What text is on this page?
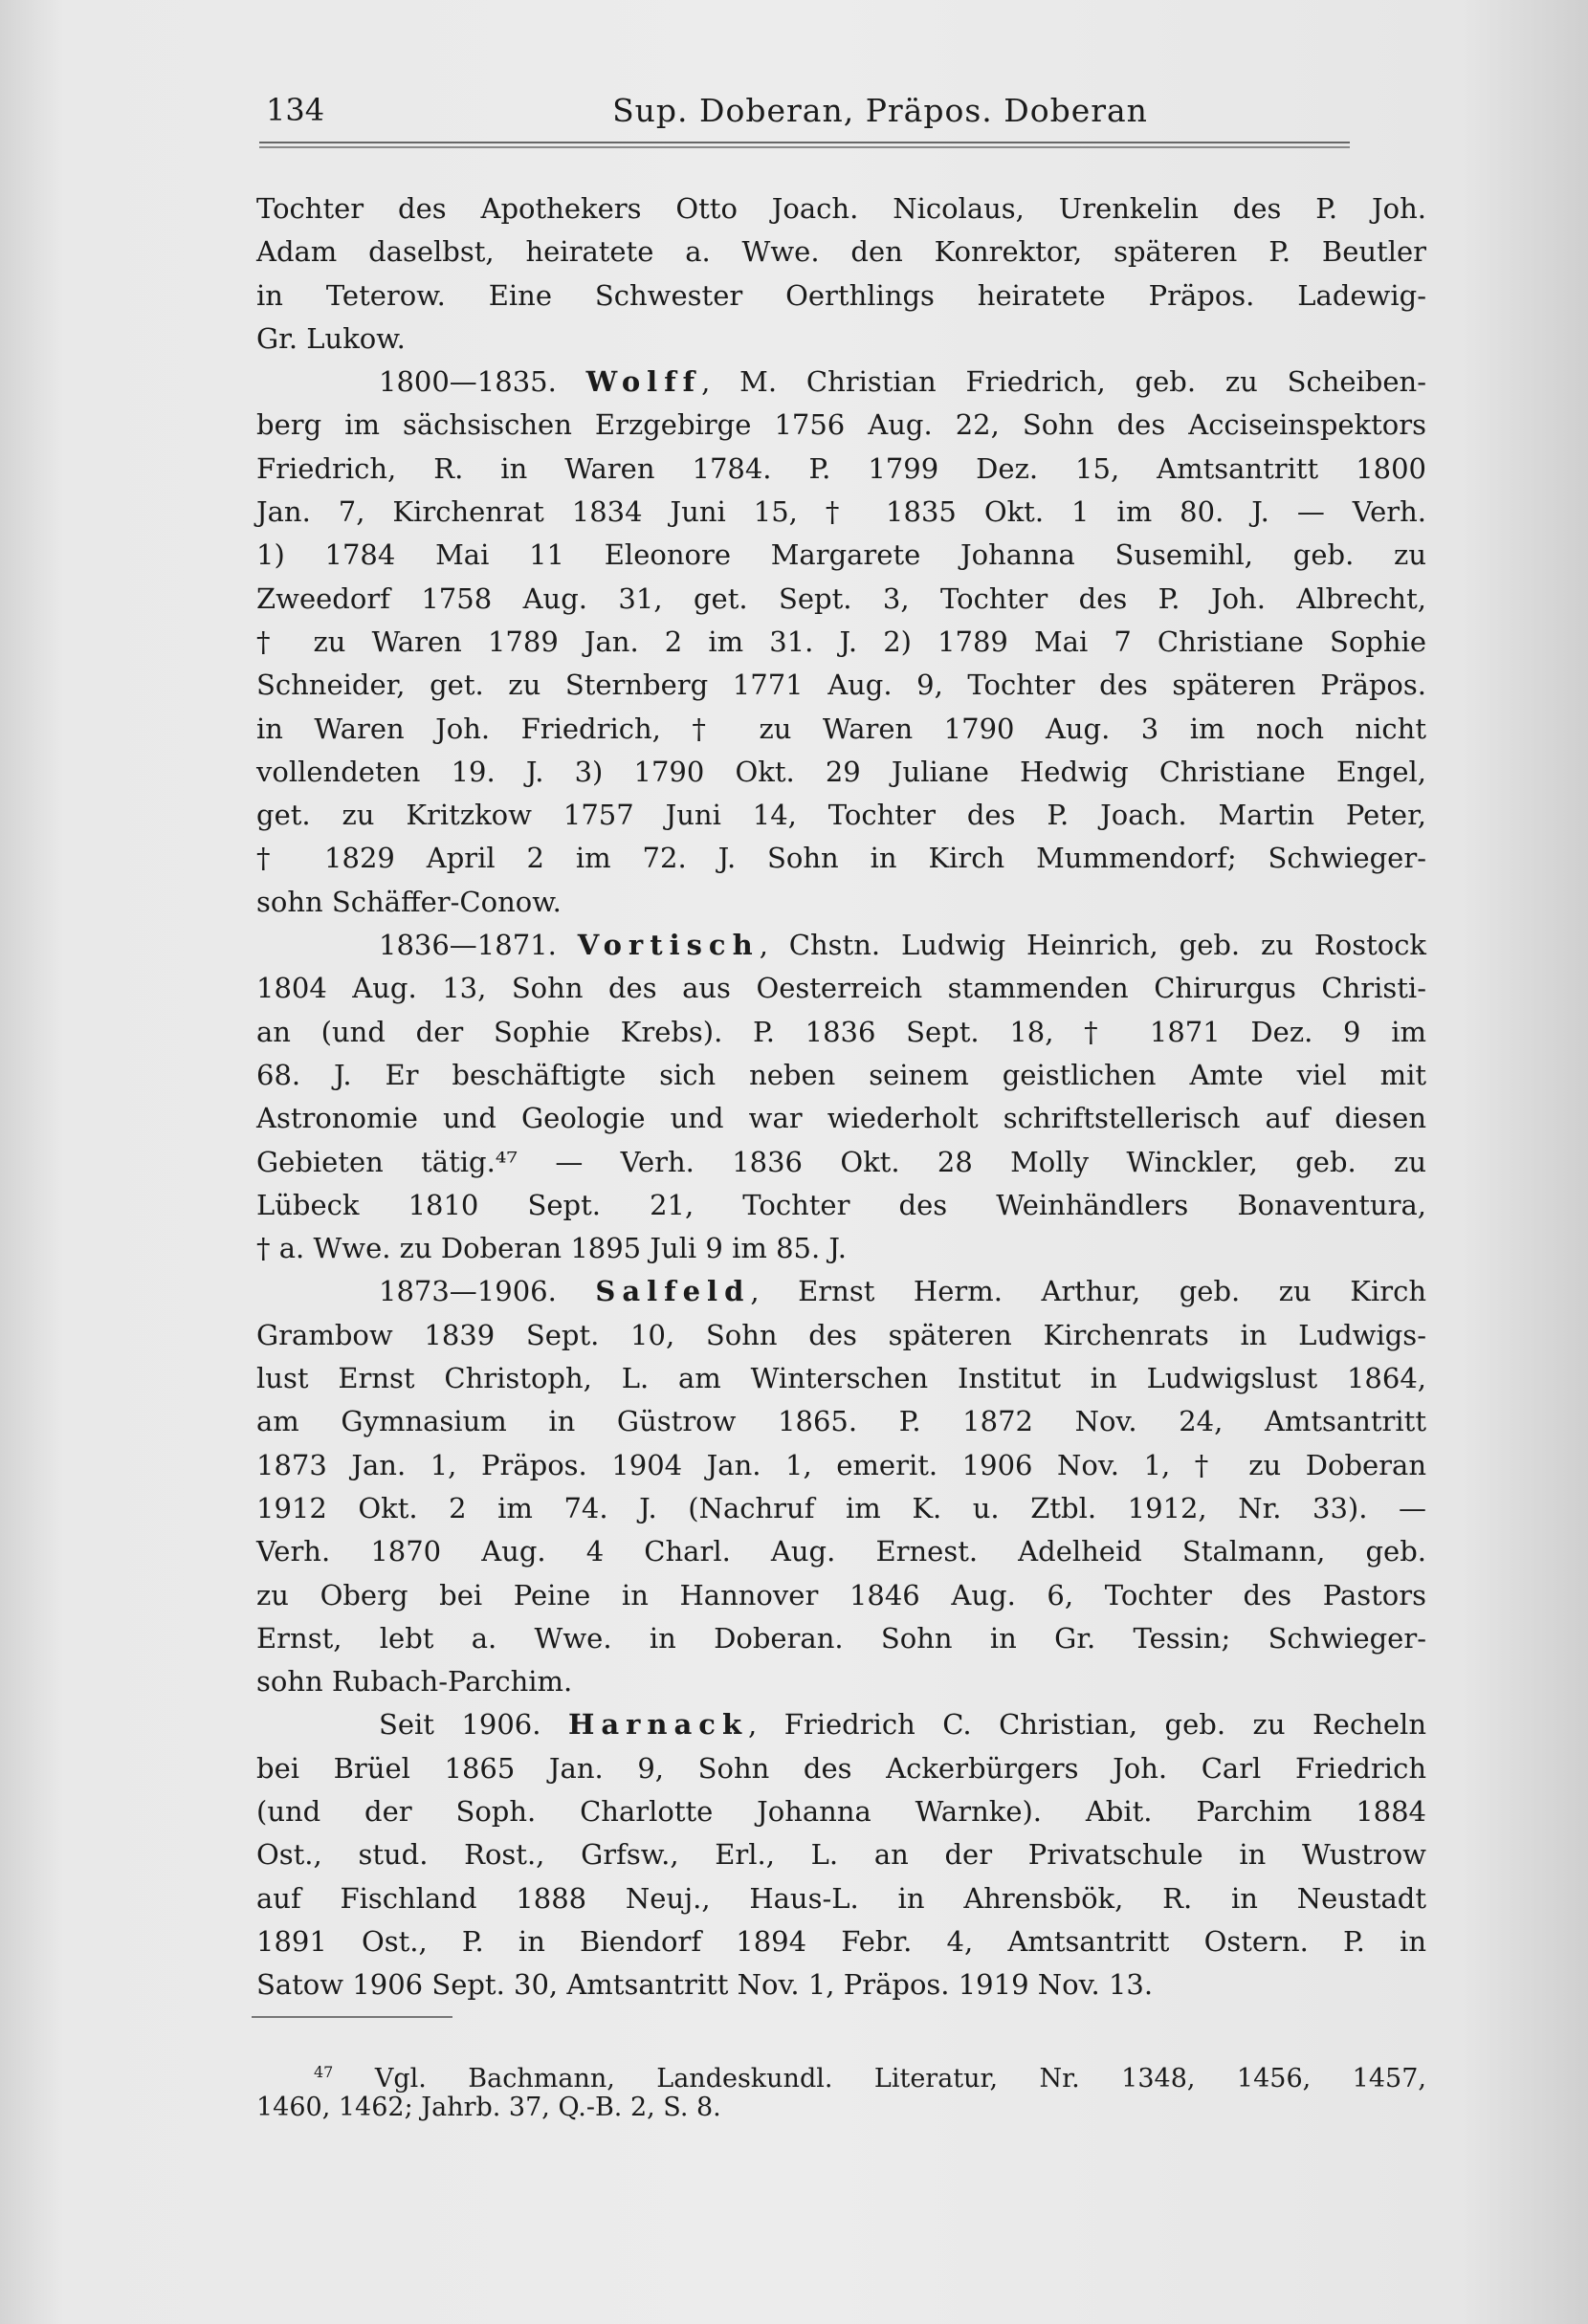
134	Sup. Doberan, Präpos. Doberan
Tochter des Apothekers Otto Joach. Nicolaus, Urenkelin des P. Joh.
Adam daselbst, heiratete a. Wwe. den Konrektor, späteren P. Beutler
in Teterow. Eine Schwester Oerthlings heiratete Präpos. Ladewig-
Gr. Lukow.
1800—1835. Wolff, M. Christian Friedrich, geb. zu Scheiben-
berg im sächsischen Erzgebirge 1756 Aug. 22, Sohn des Acciseinspektors
Friedrich, R. in Waren 1784. P. 1799 Dez. 15, Amtsantritt 1800
Jan. 7, Kirchenrat 1834 Juni 15, † 1835 Okt. 1 im 80. J. — Verh.
1) 1784 Mai 11 Eleonore Margarete Johanna Susemihl, geb. zu
Zweedorf 1758 Aug. 31, get. Sept. 3, Tochter des P. Joh. Albrecht,
† zu Waren 1789 Jan. 2 im 31. J. 2) 1789 Mai 7 Christiane Sophie
Schneider, get. zu Sternberg 1771 Aug. 9, Tochter des späteren Präpos.
in Waren Joh. Friedrich, † zu Waren 1790 Aug. 3 im noch nicht
vollendeten 19. J. 3) 1790 Okt. 29 Juliane Hedwig Christiane Engel,
get. zu Kritzkow 1757 Juni 14, Tochter des P. Joach. Martin Peter,
† 1829 April 2 im 72. J. Sohn in Kirch Mummendorf; Schwieger-
sohn Schäffer-Conow.
1836—1871. Vortisch, Chstn. Ludwig Heinrich, geb. zu Rostock
1804 Aug. 13, Sohn des aus Oesterreich stammenden Chirurgus Christi-
an (und der Sophie Krebs). P. 1836 Sept. 18, † 1871 Dez. 9 im
68. J. Er beschäftigte sich neben seinem geistlichen Amte viel mit
Astronomie und Geologie und war wiederholt schriftstellerisch auf diesen
Gebieten tätig.⁴⁷ — Verh. 1836 Okt. 28 Molly Winckler, geb. zu
Lübeck 1810 Sept. 21, Tochter des Weinhändlers Bonaventura,
† a. Wwe. zu Doberan 1895 Juli 9 im 85. J.
1873—1906. Salfeld, Ernst Herm. Arthur, geb. zu Kirch
Grambow 1839 Sept. 10, Sohn des späteren Kirchenrats in Ludwigs-
lust Ernst Christoph, L. am Winterschen Institut in Ludwigslust 1864,
am Gymnasium in Güstrow 1865. P. 1872 Nov. 24, Amtsantritt
1873 Jan. 1, Präpos. 1904 Jan. 1, emerit. 1906 Nov. 1, † zu Doberan
1912 Okt. 2 im 74. J. (Nachruf im K. u. Ztbl. 1912, Nr. 33). —
Verh. 1870 Aug. 4 Charl. Aug. Ernest. Adelheid Stalmann, geb.
zu Oberg bei Peine in Hannover 1846 Aug. 6, Tochter des Pastors
Ernst, lebt a. Wwe. in Doberan. Sohn in Gr. Tessin; Schwieger-
sohn Rubach-Parchim.
Seit 1906. Harnack, Friedrich C. Christian, geb. zu Recheln
bei Brüel 1865 Jan. 9, Sohn des Ackerbürgers Joh. Carl Friedrich
(und der Soph. Charlotte Johanna Warnke). Abit. Parchim 1884
Ost., stud. Rost., Grfsw., Erl., L. an der Privatschule in Wustrow
auf Fischland 1888 Neuj., Haus-L. in Ahrensbök, R. in Neustadt
1891 Ost., P. in Biendorf 1894 Febr. 4, Amtsantritt Ostern. P. in
Satow 1906 Sept. 30, Amtsantritt Nov. 1, Präpos. 1919 Nov. 13.
$^{47}$ Vgl. Bachmann, Landeskundl. Literatur, Nr. 1348, 1456, 1457,
1460, 1462; Jahrb. 37, Q.-B. 2, S. 8.
